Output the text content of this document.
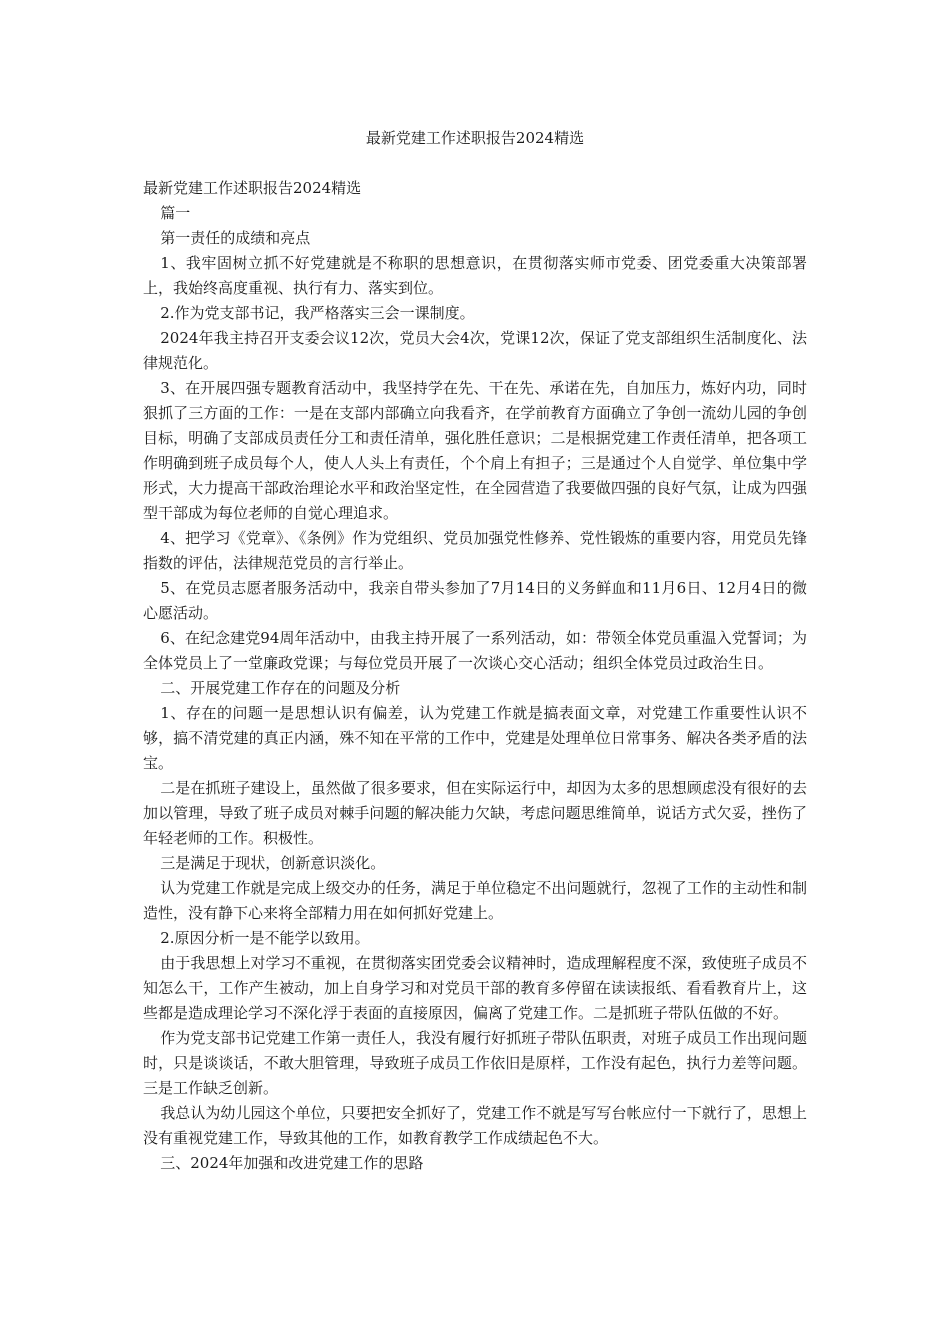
最新党建工作述职报告2024精选

最新党建工作述职报告2024精选

篇一

第一责任的成绩和亮点

1、我牢固树立抓不好党建就是不称职的思想意识，在贯彻落实师市党委、团党委重大决策部署上，我始终高度重视、执行有力、落实到位。

2.作为党支部书记，我严格落实三会一课制度。

2024年我主持召开支委会议12次，党员大会4次，党课12次，保证了党支部组织生活制度化、法律规范化。

3、在开展四强专题教育活动中，我坚持学在先、干在先、承诺在先，自加压力，炼好内功，同时狠抓了三方面的工作：一是在支部内部确立向我看齐，在学前教育方面确立了争创一流幼儿园的争创目标，明确了支部成员责任分工和责任清单，强化胜任意识；二是根据党建工作责任清单，把各项工作明确到班子成员每个人，使人人头上有责任，个个肩上有担子；三是通过个人自觉学、单位集中学形式，大力提高干部政治理论水平和政治坚定性，在全园营造了我要做四强的良好气氛，让成为四强型干部成为每位老师的自觉心理追求。

4、把学习《党章》、《条例》作为党组织、党员加强党性修养、党性锻炼的重要内容，用党员先锋指数的评估，法律规范党员的言行举止。

5、在党员志愿者服务活动中，我亲自带头参加了7月14日的义务鲜血和11月6日、12月4日的微心愿活动。

6、在纪念建党94周年活动中，由我主持开展了一系列活动，如：带领全体党员重温入党誓词；为全体党员上了一堂廉政党课；与每位党员开展了一次谈心交心活动；组织全体党员过政治生日。

二、开展党建工作存在的问题及分析

1、存在的问题一是思想认识有偏差，认为党建工作就是搞表面文章，对党建工作重要性认识不够，搞不清党建的真正内涵，殊不知在平常的工作中，党建是处理单位日常事务、解决各类矛盾的法宝。

二是在抓班子建设上，虽然做了很多要求，但在实际运行中，却因为太多的思想顾虑没有很好的去加以管理，导致了班子成员对棘手问题的解决能力欠缺，考虑问题思维简单，说话方式欠妥，挫伤了年轻老师的工作。积极性。

三是满足于现状，创新意识淡化。

认为党建工作就是完成上级交办的任务，满足于单位稳定不出问题就行，忽视了工作的主动性和制造性，没有静下心来将全部精力用在如何抓好党建上。

2.原因分析一是不能学以致用。

由于我思想上对学习不重视，在贯彻落实团党委会议精神时，造成理解程度不深，致使班子成员不知怎么干，工作产生被动，加上自身学习和对党员干部的教育多停留在读读报纸、看看教育片上，这些都是造成理论学习不深化浮于表面的直接原因，偏离了党建工作。二是抓班子带队伍做的不好。

作为党支部书记党建工作第一责任人，我没有履行好抓班子带队伍职责，对班子成员工作出现问题时，只是谈谈话，不敢大胆管理，导致班子成员工作依旧是原样，工作没有起色，执行力差等问题。三是工作缺乏创新。

我总认为幼儿园这个单位，只要把安全抓好了，党建工作不就是写写台帐应付一下就行了，思想上没有重视党建工作，导致其他的工作，如教育教学工作成绩起色不大。

三、2024年加强和改进党建工作的思路
